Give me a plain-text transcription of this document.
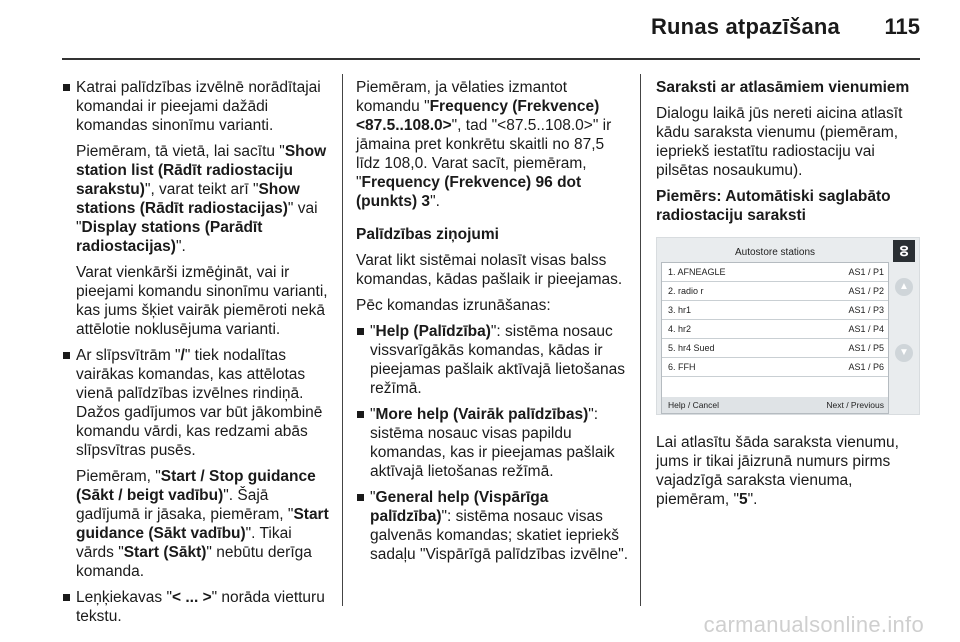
Runas atpazīšana 115

Katrai palīdzības izvēlnē norādītajai komandai ir pieejami dažādi komandas sinonīmu varianti.

Piemēram, tā vietā, lai sacītu "Show station list (Rādīt radiostaciju sarakstu)", varat teikt arī "Show stations (Rādīt radiostacijas)" vai "Display stations (Parādīt radiostacijas)".

Varat vienkārši izmēģināt, vai ir pieejami komandu sinonīmu varianti, kas jums šķiet vairāk piemēroti nekā attēlotie noklusējuma varianti.

Ar slīpsvītrām "/" tiek nodalītas vairākas komandas, kas attēlotas vienā palīdzības izvēlnes rindiņā. Dažos gadījumos var būt jākombinē komandu vārdi, kas redzami abās slīpsvītras pusēs.

Piemēram, "Start / Stop guidance (Sākt / beigt vadību)". Šajā gadījumā ir jāsaka, piemēram, "Start guidance (Sākt vadību)". Tikai vārds "Start (Sākt)" nebūtu derīga komanda.

Leņķiekavas "< ... >" norāda vietturu tekstu.

Piemēram, ja vēlaties izmantot komandu "Frequency (Frekvence) <87.5..108.0>", tad "<87.5..108.0>" ir jāmaina pret konkrētu skaitli no 87,5 līdz 108,0. Varat sacīt, piemēram, "Frequency (Frekvence) 96 dot (punkts) 3".

Palīdzības ziņojumi

Varat likt sistēmai nolasīt visas balss komandas, kādas pašlaik ir pieejamas.

Pēc komandas izrunāšanas:

"Help (Palīdzība)": sistēma nosauc vissvarīgākās komandas, kādas ir pieejamas pašlaik aktīvajā lietošanas režīmā.
"More help (Vairāk palīdzības)": sistēma nosauc visas papildu komandas, kas ir pieejamas pašlaik aktīvajā lietošanas režīmā.
"General help (Vispārīga palīdzība)": sistēma nosauc visas galvenās komandas; skatiet iepriekš sadaļu "Vispārīgā palīdzības izvēlne".

Saraksti ar atlasāmiem vienumiem

Dialogu laikā jūs nereti aicina atlasīt kādu saraksta vienumu (piemēram, iepriekš iestatītu radiostaciju vai pilsētas nosaukumu).

Piemērs: Automātiski saglabāto radiostaciju saraksti

ⵓ
▲
▼
Autostore stations
1. AFNEAGLE	AS1 / P1
2. radio r	AS1 / P2
3. hr1	AS1 / P3
4. hr2	AS1 / P4
5. hr4 Sued	AS1 / P5
6. FFH	AS1 / P6
Help / Cancel	Next / Previous

Lai atlasītu šāda saraksta vienumu, jums ir tikai jāizrunā numurs pirms vajadzīgā saraksta vienuma, piemēram, "5".

carmanualsonline.info
